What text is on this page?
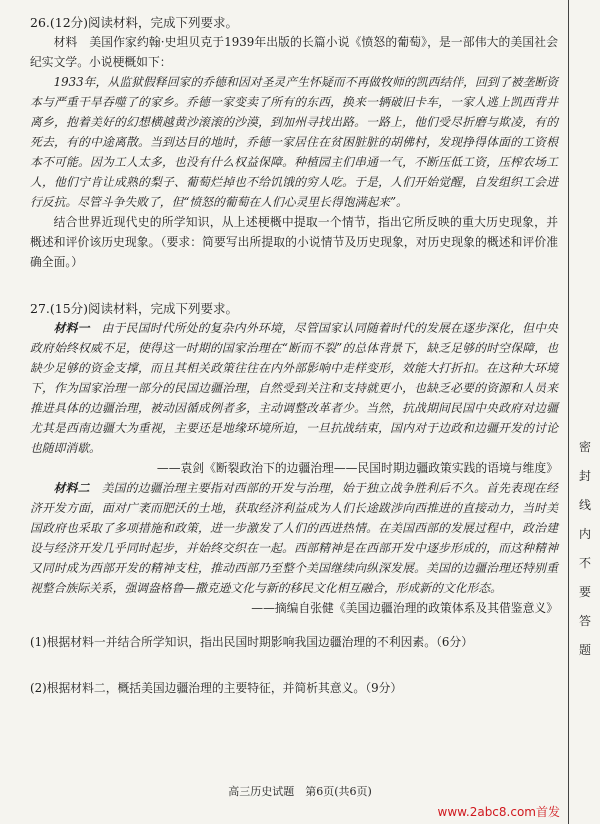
26.(12分)阅读材料，完成下列要求。

材料　美国作家约翰·史坦贝克于1939年出版的长篇小说《愤怒的葡萄》，是一部伟大的美国社会纪实文学。小说梗概如下：

1933年，从监狱假释回家的乔德和因对圣灵产生怀疑而不再做牧师的凯西结伴，回到了被垄断资本与严重干旱吞噬了的家乡。乔德一家变卖了所有的东西，换来一辆破旧卡车，一家人逃上凯西背井离乡，抱着美好的幻想横越黄沙滚滚的沙漠，到加州寻找出路。一路上，他们受尽折磨与欺凌，有的死去，有的中途离散。当到达目的地时，乔德一家居住在贫困脏脏的胡佛村，发现挣得体面的工资根本不可能。因为工人太多，也没有什么权益保障。种植园主们串通一气，不断压低工资，压榨农场工人，他们宁肯让成熟的梨子、葡萄烂掉也不给饥饿的穷人吃。于是，人们开始觉醒，自发组织工会进行反抗。尽管斗争失败了，但“愤怒的葡萄在人们心灵里长得饱满起来”。

结合世界近现代史的所学知识，从上述梗概中提取一个情节，指出它所反映的重大历史现象，并概述和评价该历史现象。（要求：简要写出所提取的小说情节及历史现象，对历史现象的概述和评价准确全面。）

27.(15分)阅读材料，完成下列要求。

材料一　 由于民国时代所处的复杂内外环境，尽管国家认同随着时代的发展在逐步深化，但中央政府始终权威不足，使得这一时期的国家治理在“断而不裂”的总体背景下，缺乏足够的时空保障，也缺少足够的资金支撑，而且其相关政策往往在内外部影响中走样变形，效能大打折扣。在这种大环境下，作为国家治理一部分的民国边疆治理，自然受到关注和支持就更小，也缺乏必要的资源和人员来推进具体的边疆治理，被动因循成例者多，主动调整改革者少。当然，抗战期间民国中央政府对边疆尤其是西南边疆大为重视，主要还是地缘环境所迫，一旦抗战结束，国内对于边政和边疆开发的讨论也随即消歇。

——袁剑《断裂政治下的边疆治理——民国时期边疆政策实践的语境与维度》

材料二　 美国的边疆治理主要指对西部的开发与治理，始于独立战争胜利后不久。首先表现在经济开发方面，面对广袤而肥沃的土地，获取经济利益成为人们长途跋涉向西推进的直接动力，当时美国政府也采取了多项措施和政策，进一步激发了人们的西进热情。在美国西部的发展过程中，政治建设与经济开发几乎同时起步，并始终交织在一起。西部精神是在西部开发中逐步形成的，而这种精神又同时成为西部开发的精神支柱，推动西部乃至整个美国继续向纵深发展。美国的边疆治理还特别重视整合族际关系，强调盎格鲁—撒克逊文化与新的移民文化相互融合，形成新的文化形态。

——摘编自张健《美国边疆治理的政策体系及其借鉴意义》

(1)根据材料一并结合所学知识，指出民国时期影响我国边疆治理的不利因素。（6分）

(2)根据材料二，概括美国边疆治理的主要特征，并简析其意义。（9分）

密
封
线
内
不
要
答
题
高三历史试题　第6页(共6页)
www.2abc8.com首发
